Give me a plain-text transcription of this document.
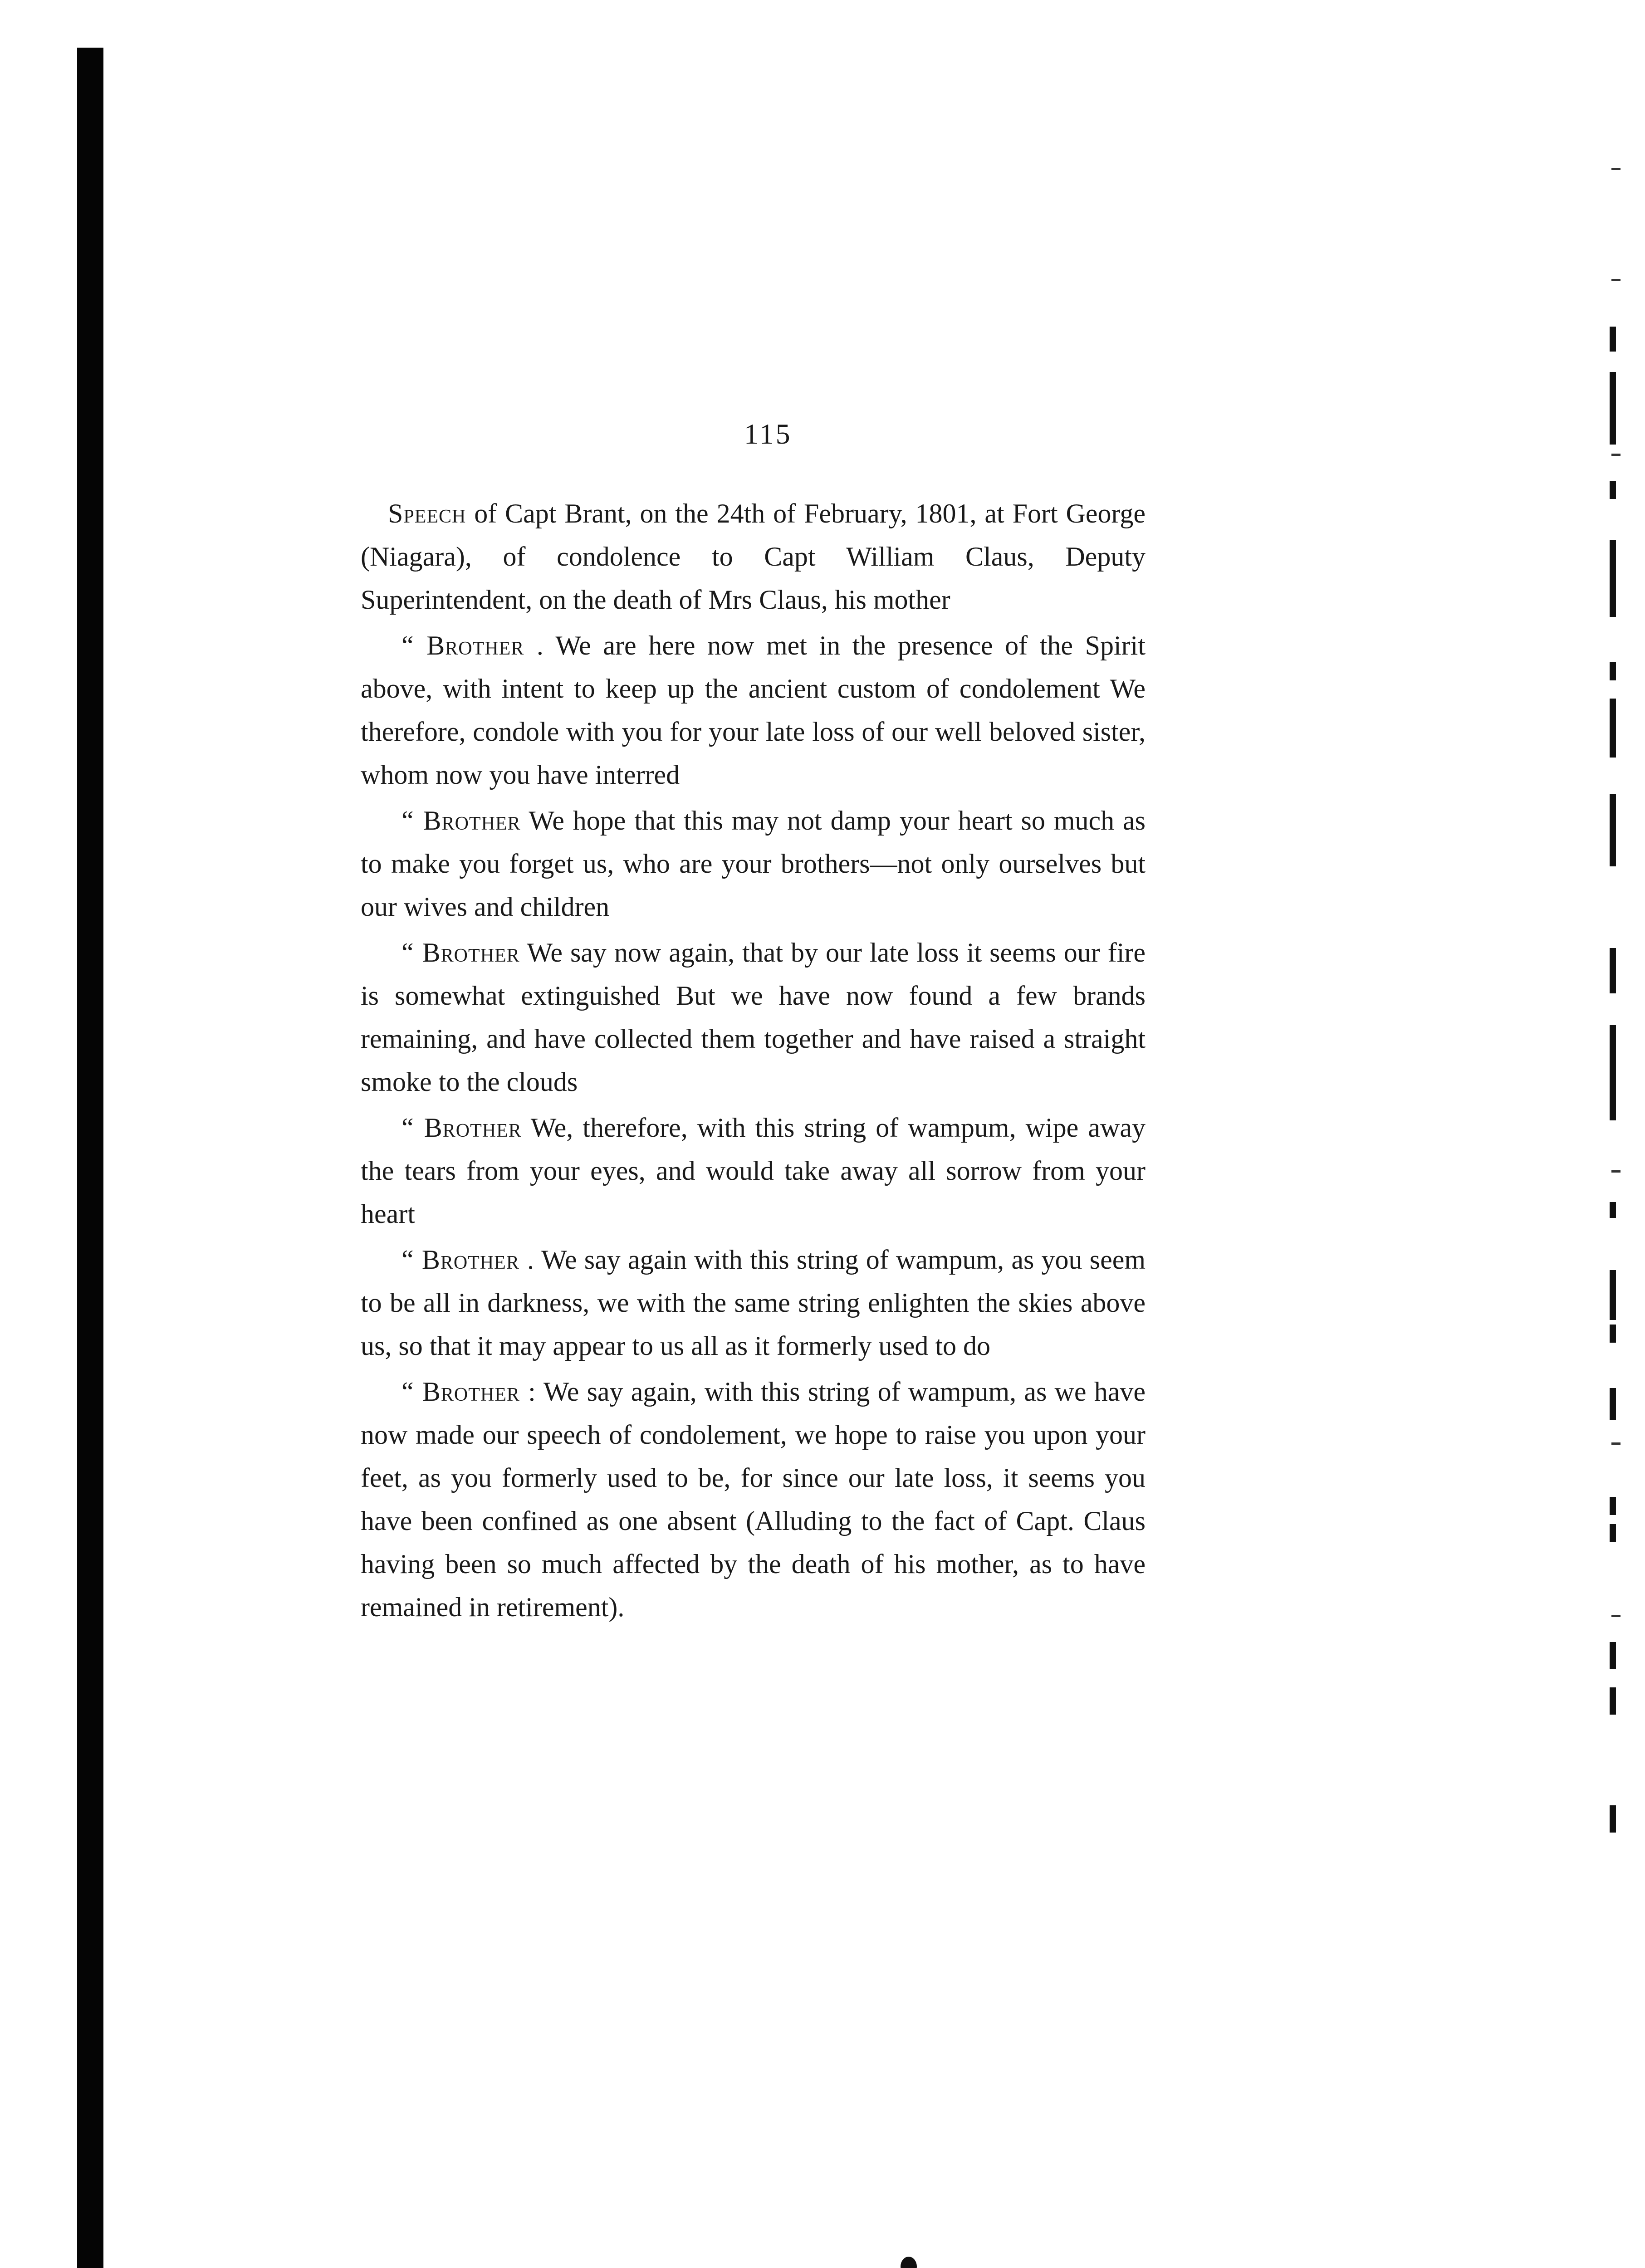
115

Speech of Capt Brant, on the 24th of February, 1801, at Fort George (Niagara), of condolence to Capt William Claus, Deputy Superintendent, on the death of Mrs Claus, his mother

“ Brother . We are here now met in the presence of the Spirit above, with intent to keep up the ancient custom of condolement We therefore, condole with you for your late loss of our well beloved sister, whom now you have interred

“ Brother We hope that this may not damp your heart so much as to make you forget us, who are your brothers—not only ourselves but our wives and children

“ Brother We say now again, that by our late loss it seems our fire is somewhat extinguished But we have now found a few brands remaining, and have collected them together and have raised a straight smoke to the clouds

“ Brother We, therefore, with this string of wampum, wipe away the tears from your eyes, and would take away all sorrow from your heart

“ Brother . We say again with this string of wampum, as you seem to be all in darkness, we with the same string enlighten the skies above us, so that it may appear to us all as it formerly used to do

“ Brother : We say again, with this string of wampum, as we have now made our speech of condolement, we hope to raise you upon your feet, as you formerly used to be, for since our late loss, it seems you have been confined as one absent (Alluding to the fact of Capt. Claus having been so much affected by the death of his mother, as to have remained in retirement).
